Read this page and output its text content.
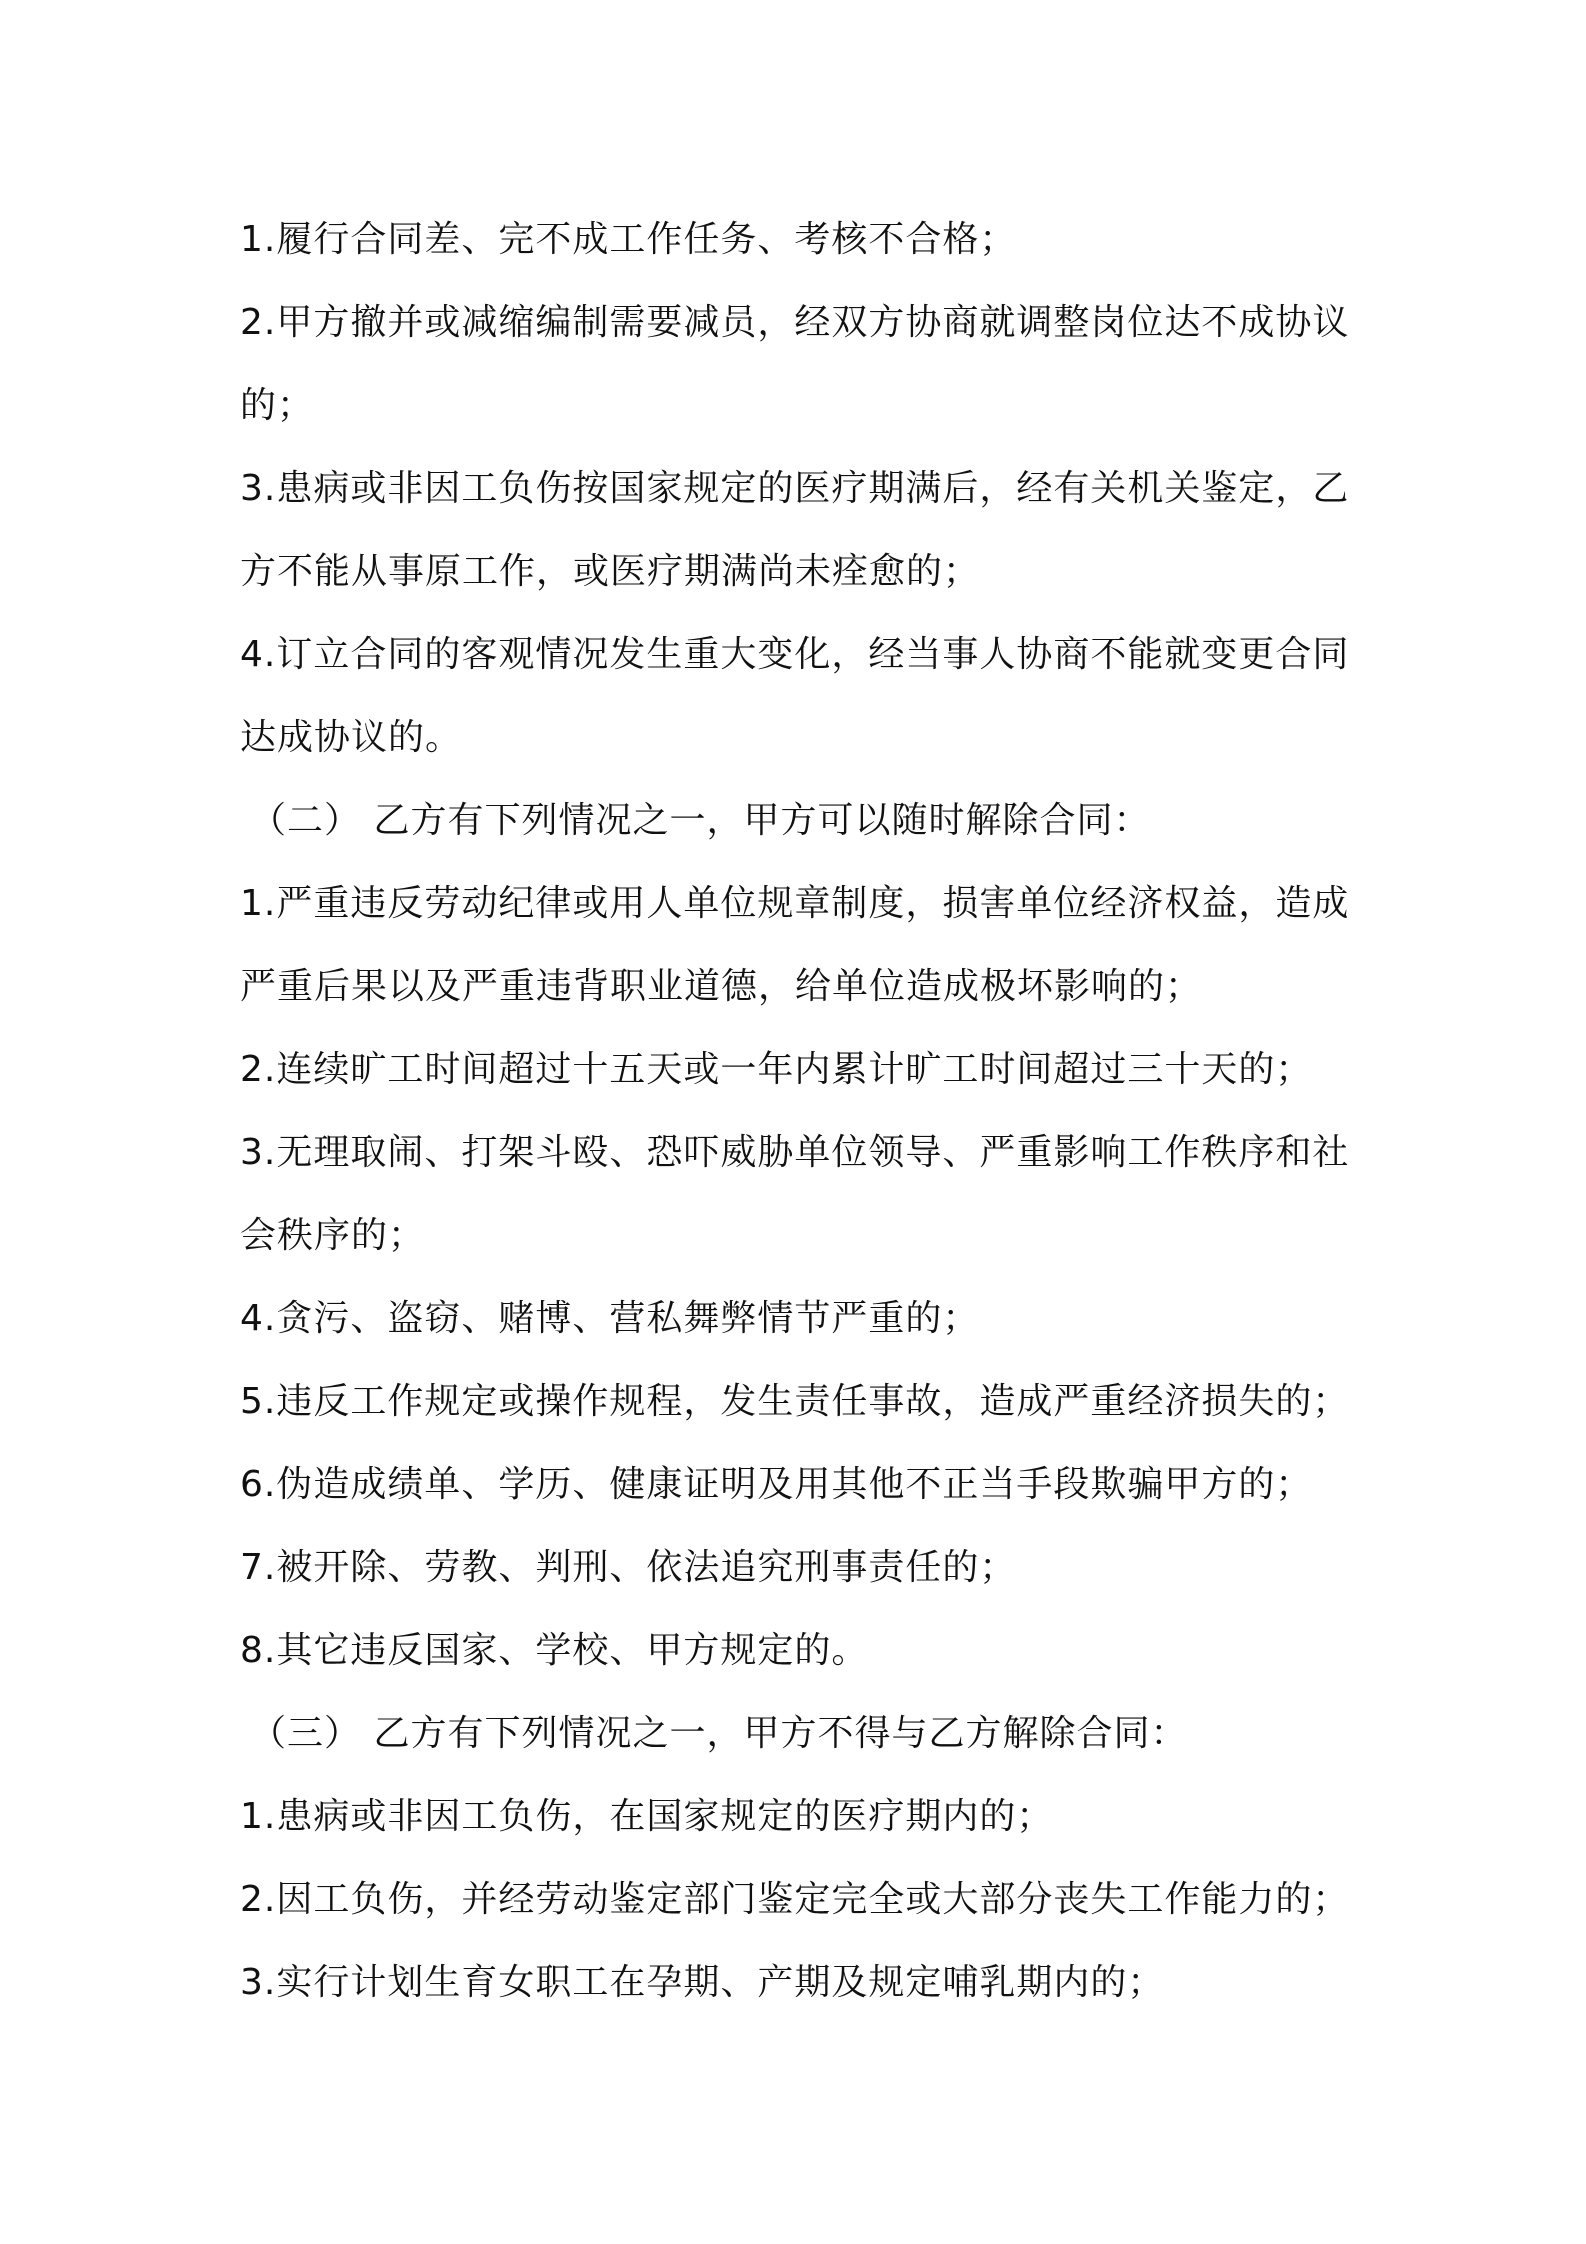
1.履行合同差、完不成工作任务、考核不合格；

2.甲方撤并或减缩编制需要减员，经双方协商就调整岗位达不成协议的；

3.患病或非因工负伤按国家规定的医疗期满后，经有关机关鉴定，乙方不能从事原工作，或医疗期满尚未痊愈的；

4.订立合同的客观情况发生重大变化，经当事人协商不能就变更合同达成协议的。

（二） 乙方有下列情况之一，甲方可以随时解除合同：

1.严重违反劳动纪律或用人单位规章制度，损害单位经济权益，造成严重后果以及严重违背职业道德，给单位造成极坏影响的；

2.连续旷工时间超过十五天或一年内累计旷工时间超过三十天的；

3.无理取闹、打架斗殴、恐吓威胁单位领导、严重影响工作秩序和社会秩序的；

4.贪污、盗窃、赌博、营私舞弊情节严重的；

5.违反工作规定或操作规程，发生责任事故，造成严重经济损失的；

6.伪造成绩单、学历、健康证明及用其他不正当手段欺骗甲方的；

7.被开除、劳教、判刑、依法追究刑事责任的；

8.其它违反国家、学校、甲方规定的。

（三） 乙方有下列情况之一，甲方不得与乙方解除合同：

1.患病或非因工负伤，在国家规定的医疗期内的；

2.因工负伤，并经劳动鉴定部门鉴定完全或大部分丧失工作能力的；

3.实行计划生育女职工在孕期、产期及规定哺乳期内的；
